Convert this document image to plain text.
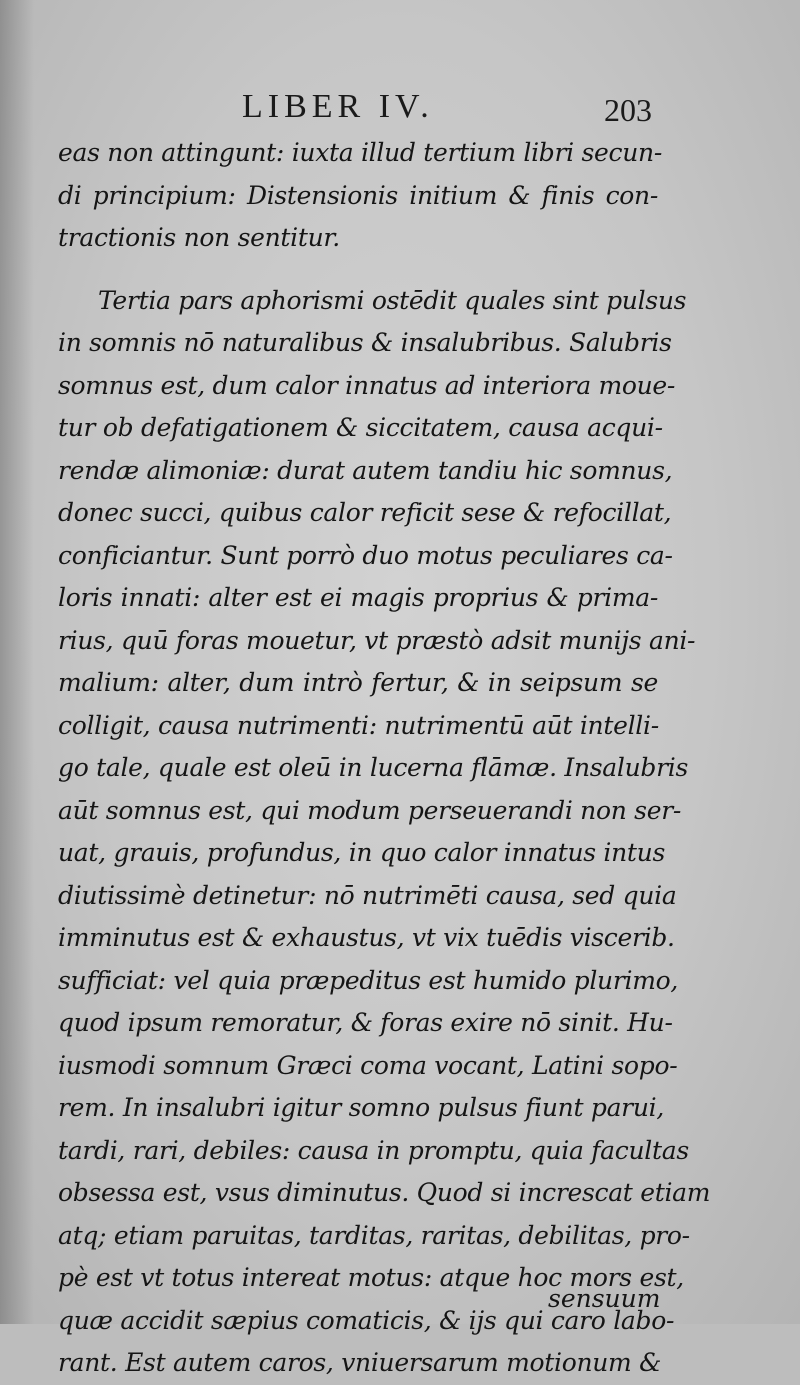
LIBER IV.	203
eas non attingunt: iuxta illud tertium libri secun-
di principium: Distensionis initium & finis con-
tractionis non sentitur.
Tertia pars aphorismi ostēdit quales sint pulsus
in somnis nō naturalibus & insalubribus. Salubris
somnus est, dum calor innatus ad interiora moue-
tur ob defatigationem & siccitatem, causa acqui-
rendæ alimoniæ: durat autem tandiu hic somnus,
donec succi, quibus calor reficit sese & refocillat,
conficiantur. Sunt porrò duo motus peculiares ca-
loris innati: alter est ei magis proprius & prima-
rius, quū foras mouetur, vt præstò adsit munijs ani-
malium: alter, dum intrò fertur, & in seipsum se
colligit, causa nutrimenti: nutrimentū aūt intelli-
go tale, quale est oleū in lucerna flāmæ. Insalubris
aūt somnus est, qui modum perseuerandi non ser-
uat, grauis, profundus, in quo calor innatus intus
diutissimè detinetur: nō nutrimēti causa, sed quia
imminutus est & exhaustus, vt vix tuēdis viscerib.
sufficiat: vel quia præpeditus est humido plurimo,
quod ipsum remoratur, & foras exire nō sinit. Hu-
iusmodi somnum Græci coma vocant, Latini sopo-
rem. In insalubri igitur somno pulsus fiunt parui,
tardi, rari, debiles: causa in promptu, quia facultas
obsessa est, vsus diminutus. Quod si increscat etiam
atq; etiam paruitas, tarditas, raritas, debilitas, pro-
pè est vt totus intereat motus: atque hoc mors est,
quæ accidit sæpius comaticis, & ijs qui caro labo-
rant. Est autem caros, vniuersarum motionum &
sensuum
